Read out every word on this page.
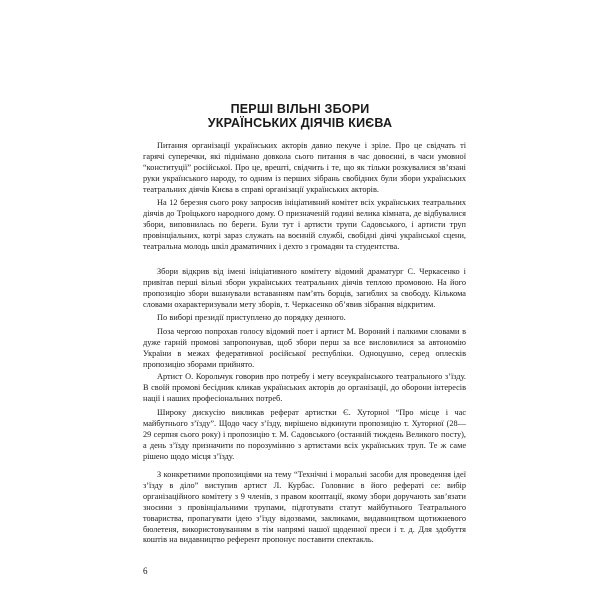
ПЕРШІ ВІЛЬНІ ЗБОРИ
УКРАЇНСЬКИХ ДІЯЧІВ КИЄВА

Питання організації українських акторів давно пекуче і зріле. Про це свідчать ті гарячі суперечки, які піднімано довкола сього питання в час довоєнні, в часи умовної “конституції” російської. Про це, врешті, свідчить і те, що як тільки розкувалися зв’язані руки українського народу, то одним із перших зібрань свобідних були збори українських театральних діячів Києва в справі організації українських акторів.

На 12 березня сього року запросив ініціативний комітет всіх українських театральних діячів до Троїцького народного дому. О призначеній годині велика кімната, де відбувалися збори, виповнилась по береги. Були тут і артисти трупи Садовського, і артисти труп провінціальних, котрі зараз служать на воєнній службі, свобідні діячі української сцени, театральна молодь шкіл драматичних і дехто з громадян та студентства.

Збори відкрив від імені ініціативного комітету відомий драматург С. Черкасенко і привітав перші вільні збори українських театральних діячів теплою промовою. На його пропозицію збори вшанували вставанням пам’ять борців, загиблих за свободу. Кількома словами охарактеризували мету зборів, т. Черкасенко об’явив зібрання відкритим.

По виборі президії приступлено до порядку денного.

Поза чергою попрохав голосу відомий поет і артист М. Вороний і палкими словами в дуже гарній промові запропонував, щоб збори перш за все висловилися за автономію України в межах федеративної російської республіки. Одноцушно, серед оплесків пропозицію зборами прийнято.

Артист О. Корольчук говорив про потребу і мету всеукраїнського театрального з’їзду. В своїй промові бесідник кликав українських акторів до організації, до оборони інтересів нації і наших професіональних потреб.

Широку дискусію викликав реферат артистки Є. Хуторної “Про місце і час майбутнього з’їзду”. Щодо часу з’їзду, вирішено відкинути пропозицію т. Хуторної (28—29 серпня сього року) і пропозицію т. М. Садовського (останній тиждень Великого посту), а день з’їзду призначити по порозумінню з артистами всіх українських труп. Те ж саме рішено щодо місця з’їзду.

З конкретними пропозиціями на тему “Технічні і моральні засоби для проведення ідеї з’їзду в діло” виступив артист Л. Курбас. Головниє в його рефераті се: вибір організаційного комітету з 9 членів, з правом кооптації, якому збори доручають зав’язати зносини з провінціальними трупами, підготувати статут майбутнього Театрального товариства, пропагувати ідею з’їзду відозвами, закликами, видавництвом щотижневого бюлетеня, використовуванням в тім напрямі нашої щоденної преси і т. д. Для здобуття коштів на видавництво референт пропонує поставити спектакль.

6
